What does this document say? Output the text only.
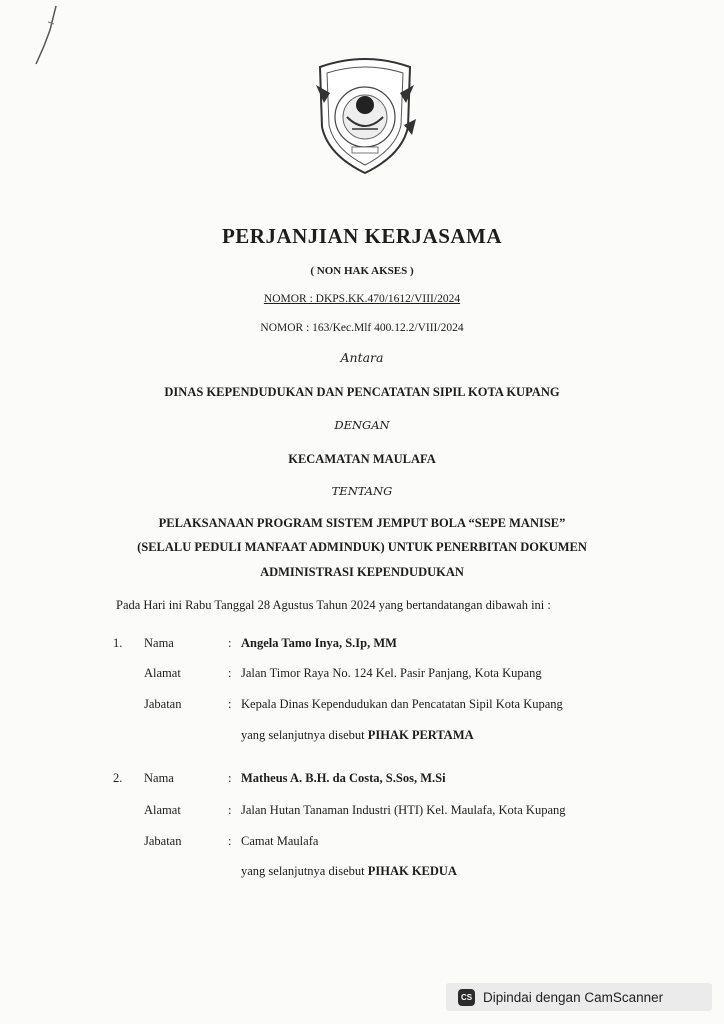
PERJANJIAN KERJASAMA
( NON HAK AKSES )
NOMOR : DKPS.KK.470/1612/VIII/2024
NOMOR : 163/Kec.Mlf 400.12.2/VIII/2024
Antara
DINAS KEPENDUDUKAN DAN PENCATATAN SIPIL KOTA KUPANG
DENGAN
KECAMATAN MAULAFA
TENTANG
PELAKSANAAN PROGRAM SISTEM JEMPUT BOLA “SEPE MANISE”
(SELALU PEDULI MANFAAT ADMINDUK) UNTUK PENERBITAN DOKUMEN
ADMINISTRASI KEPENDUDUKAN
Pada Hari ini Rabu Tanggal 28 Agustus Tahun 2024 yang bertandatangan dibawah ini :
1. Nama	: Angela Tamo Inya, S.Ip, MM
Alamat	: Jalan Timor Raya No. 124 Kel. Pasir Panjang, Kota Kupang
Jabatan	: Kepala Dinas Kependudukan dan Pencatatan Sipil Kota Kupang
yang selanjutnya disebut PIHAK PERTAMA
2. Nama	: Matheus A. B.H. da Costa, S.Sos, M.Si
Alamat	: Jalan Hutan Tanaman Industri (HTI) Kel. Maulafa, Kota Kupang
Jabatan	: Camat Maulafa
yang selanjutnya disebut PIHAK KEDUA
CS Dipindai dengan CamScanner
